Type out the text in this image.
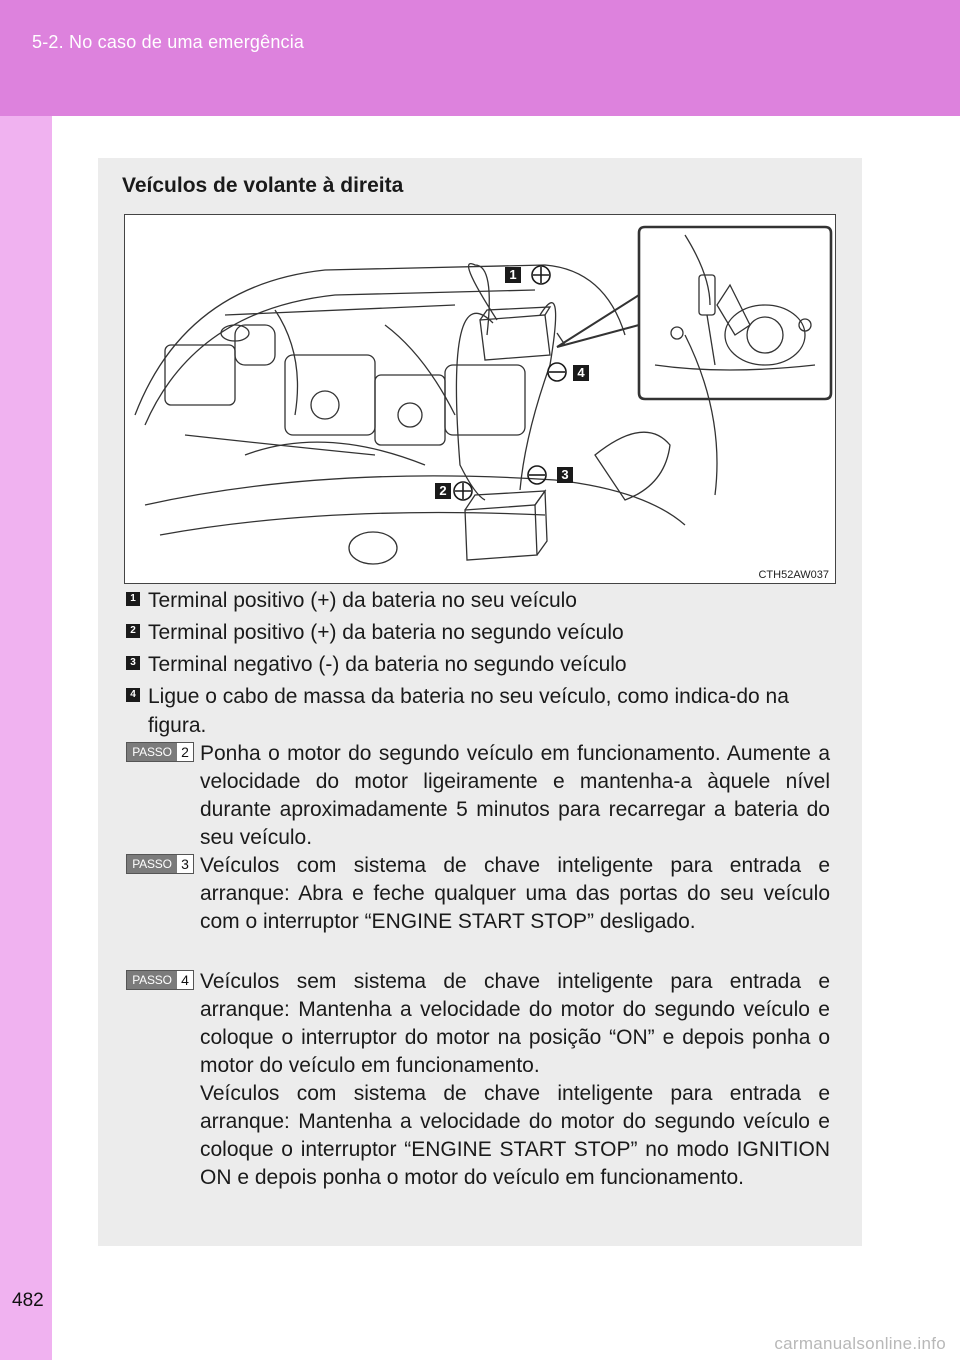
5-2. No caso de uma emergência
482
Veículos de volante à direita
1
2
3
4
CTH52AW037
1 Terminal positivo (+) da bateria no seu veículo
2 Terminal positivo (+) da bateria no segundo veículo
3 Terminal negativo (-) da bateria no segundo veículo
4 Ligue o cabo de massa da bateria no seu veículo, como indica-do na figura.
PASSO 2 Ponha o motor do segundo veículo em funcionamento. Aumente a velocidade do motor ligeiramente e mantenha-a àquele nível durante aproximadamente 5 minutos para recarregar a bateria do seu veículo.
PASSO 3 Veículos com sistema de chave inteligente para entrada e arranque: Abra e feche qualquer uma das portas do seu veículo com o interruptor “ENGINE START STOP” desligado.
PASSO 4 Veículos sem sistema de chave inteligente para entrada e arranque: Mantenha a velocidade do motor do segundo veículo e coloque o interruptor do motor na posição “ON” e depois ponha o motor do veículo em funcionamento.
Veículos com sistema de chave inteligente para entrada e arranque: Mantenha a velocidade do motor do segundo veículo e coloque o interruptor “ENGINE START STOP” no modo IGNITION ON e depois ponha o motor do veículo em funcionamento.
carmanualsonline.info
